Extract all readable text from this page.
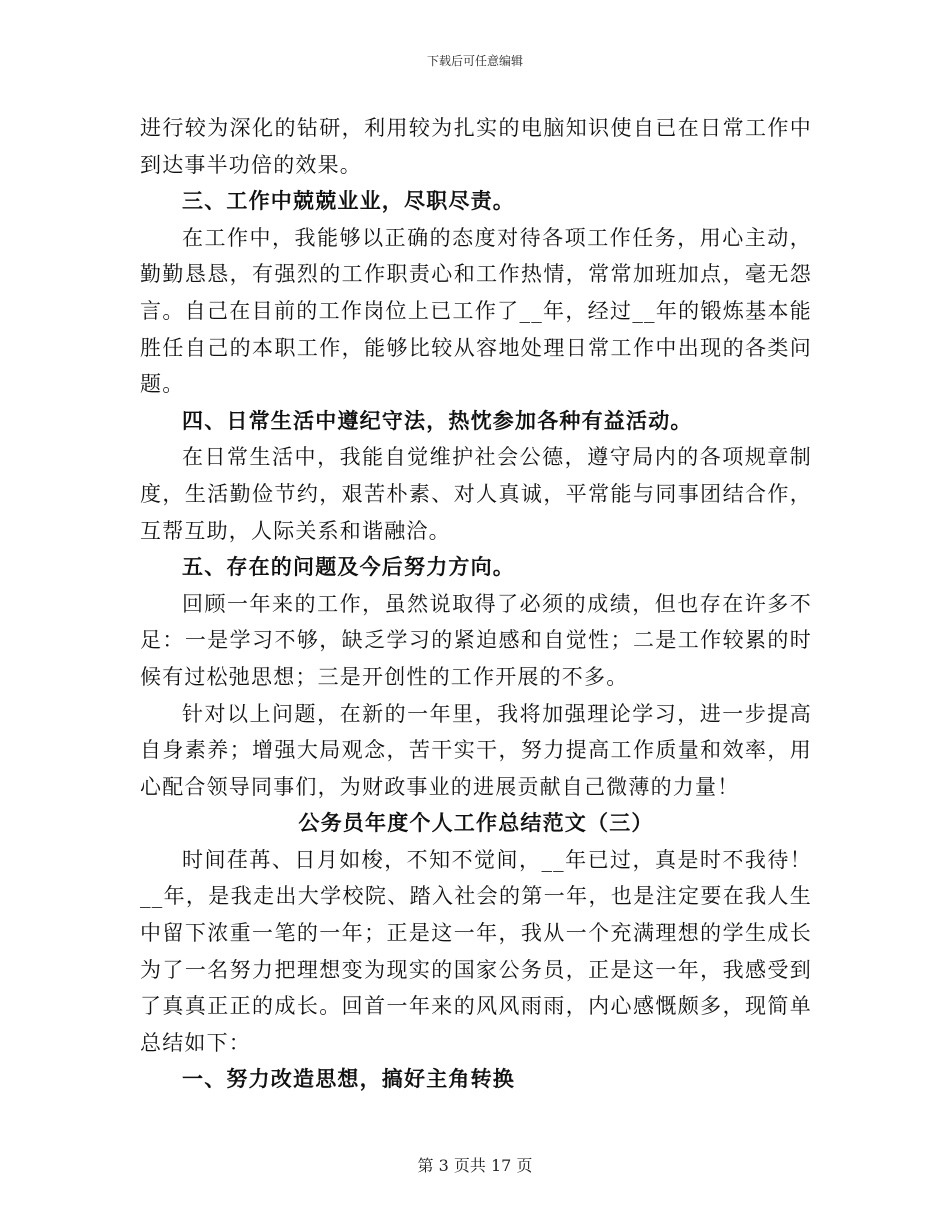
下载后可任意编辑

进行较为深化的钻研，利用较为扎实的电脑知识使自已在日常工作中到达事半功倍的效果。

三、工作中兢兢业业，尽职尽责。

在工作中，我能够以正确的态度对待各项工作任务，用心主动，勤勤恳恳，有强烈的工作职责心和工作热情，常常加班加点，毫无怨言。自己在目前的工作岗位上已工作了__年，经过__年的锻炼基本能胜任自己的本职工作，能够比较从容地处理日常工作中出现的各类问题。

四、日常生活中遵纪守法，热忱参加各种有益活动。

在日常生活中，我能自觉维护社会公德，遵守局内的各项规章制度，生活勤俭节约，艰苦朴素、对人真诚，平常能与同事团结合作，互帮互助，人际关系和谐融洽。

五、存在的问题及今后努力方向。

回顾一年来的工作，虽然说取得了必须的成绩，但也存在许多不足：一是学习不够，缺乏学习的紧迫感和自觉性；二是工作较累的时候有过松弛思想；三是开创性的工作开展的不多。

针对以上问题，在新的一年里，我将加强理论学习，进一步提高自身素养；增强大局观念，苦干实干，努力提高工作质量和效率，用心配合领导同事们，为财政事业的进展贡献自己微薄的力量！

公务员年度个人工作总结范文（三）

时间荏苒、日月如梭，不知不觉间，__年已过，真是时不我待！__年，是我走出大学校院、踏入社会的第一年，也是注定要在我人生中留下浓重一笔的一年；正是这一年，我从一个充满理想的学生成长为了一名努力把理想变为现实的国家公务员，正是这一年，我感受到了真真正正的成长。回首一年来的风风雨雨，内心感慨颇多，现简单总结如下：

一、努力改造思想，搞好主角转换
第 3 页共 17 页
